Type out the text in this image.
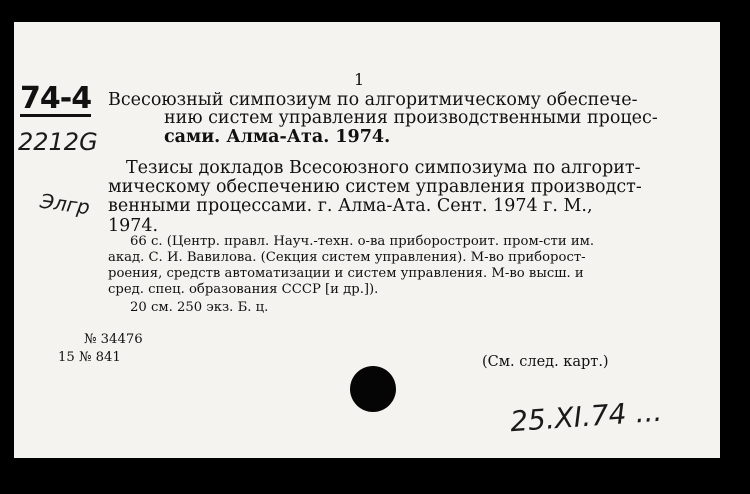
1
74-4
2212G
Элгр
Всесоюзный симпозиум по алгоритмическому обеспече-
нию систем управления производственными процес-
сами. Алма-Ата. 1974.
Тезисы докладов Всесоюзного симпозиума по алгорит-
мическому обеспечению систем управления производст-
венными процессами. г. Алма-Ата. Сент. 1974 г. М.,
1974.
66 с. (Центр. правл. Науч.-техн. о-ва приборостроит. пром-сти им.
акад. С. И. Вавилова. (Секция систем управления). М-во приборост-
роения, средств автоматизации и систем управления. М-во высш. и
сред. спец. образования СССР [и др.]).
20 см. 250 экз. Б. ц.
№ 34476
15 № 841	(См. след. карт.)
25.XI.74 ...
